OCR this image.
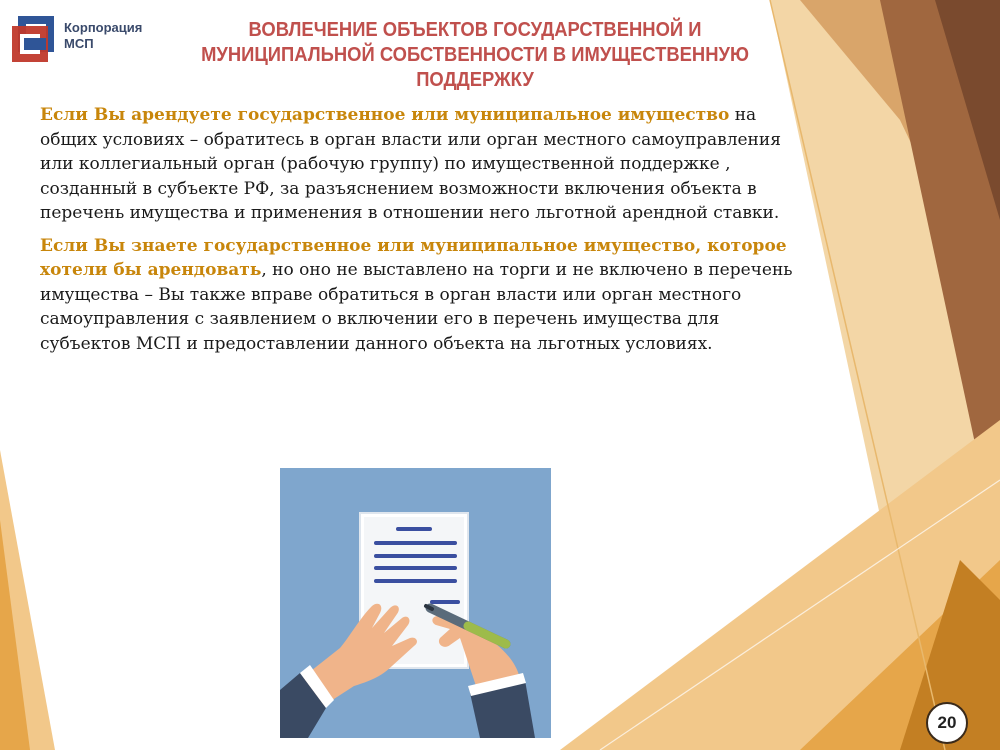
Корпорация
МСП
ВОВЛЕЧЕНИЕ ОБЪЕКТОВ ГОСУДАРСТВЕННОЙ И МУНИЦИПАЛЬНОЙ СОБСТВЕННОСТИ В ИМУЩЕСТВЕННУЮ ПОДДЕРЖКУ

Если Вы арендуете государственное или муниципальное имущество на общих условиях – обратитесь в орган власти или орган местного самоуправления или коллегиальный орган (рабочую группу) по имущественной поддержке , созданный в субъекте РФ, за разъяснением возможности включения объекта в перечень имущества и применения в отношении него льготной арендной ставки.

Если Вы знаете государственное или муниципальное имущество, которое хотели бы арендовать, но оно не выставлено на торги и не включено в перечень имущества – Вы также вправе обратиться в орган власти или орган местного самоуправления с заявлением о включении его в перечень имущества для субъектов МСП и предоставлении данного объекта на льготных условиях.

20
